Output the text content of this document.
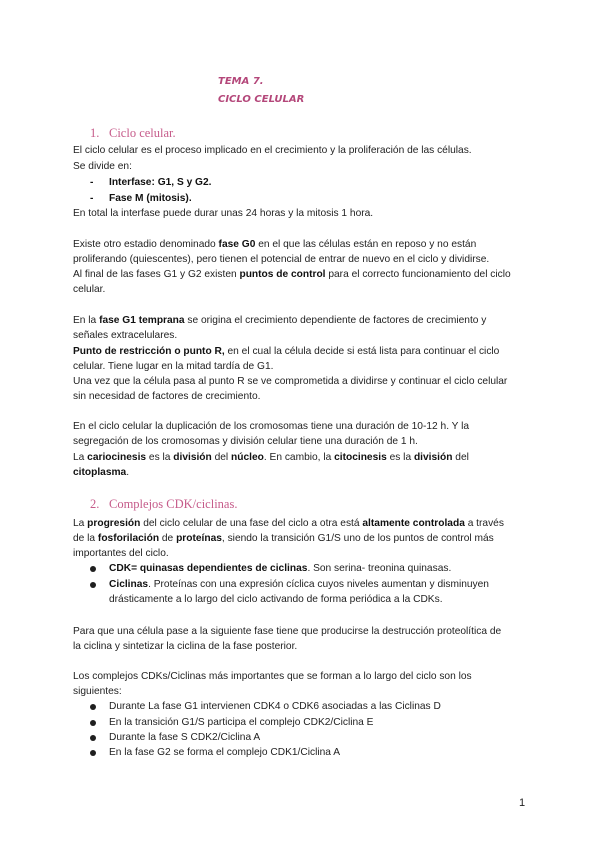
TEMA 7.
CICLO CELULAR
1. Ciclo celular.
El ciclo celular es el proceso implicado en el crecimiento y la proliferación de las células.
Se divide en:
- Interfase: G1, S y G2.
- Fase M (mitosis).
En total la interfase puede durar unas 24 horas y la mitosis 1 hora.
Existe otro estadio denominado fase G0 en el que las células están en reposo y no están
proliferando (quiescentes), pero tienen el potencial de entrar de nuevo en el ciclo y dividirse.
Al final de las fases G1 y G2 existen puntos de control para el correcto funcionamiento del ciclo
celular.
En la fase G1 temprana se origina el crecimiento dependiente de factores de crecimiento y
señales extracelulares.
Punto de restricción o punto R, en el cual la célula decide si está lista para continuar el ciclo
celular. Tiene lugar en la mitad tardía de G1.
Una vez que la célula pasa al punto R se ve comprometida a dividirse y continuar el ciclo celular
sin necesidad de factores de crecimiento.
En el ciclo celular la duplicación de los cromosomas tiene una duración de 10-12 h. Y la
segregación de los cromosomas y división celular tiene una duración de 1 h.
La cariocinesis es la división del núcleo. En cambio, la citocinesis es la división del
citoplasma.
2. Complejos CDK/ciclinas.
La progresión del ciclo celular de una fase del ciclo a otra está altamente controlada a través
de la fosforilación de proteínas, siendo la transición G1/S uno de los puntos de control más
importantes del ciclo.
CDK= quinasas dependientes de ciclinas. Son serina- treonina quinasas.
Ciclinas. Proteínas con una expresión cíclica cuyos niveles aumentan y disminuyen
drásticamente a lo largo del ciclo activando de forma periódica a la CDKs.
Para que una célula pase a la siguiente fase tiene que producirse la destrucción proteolítica de
la ciclina y sintetizar la ciclina de la fase posterior.
Los complejos CDKs/Ciclinas más importantes que se forman a lo largo del ciclo son los
siguientes:
Durante La fase G1 intervienen CDK4 o CDK6 asociadas a las Ciclinas D
En la transición G1/S participa el complejo CDK2/Ciclina E
Durante la fase S CDK2/Ciclina A
En la fase G2 se forma el complejo CDK1/Ciclina A
1
